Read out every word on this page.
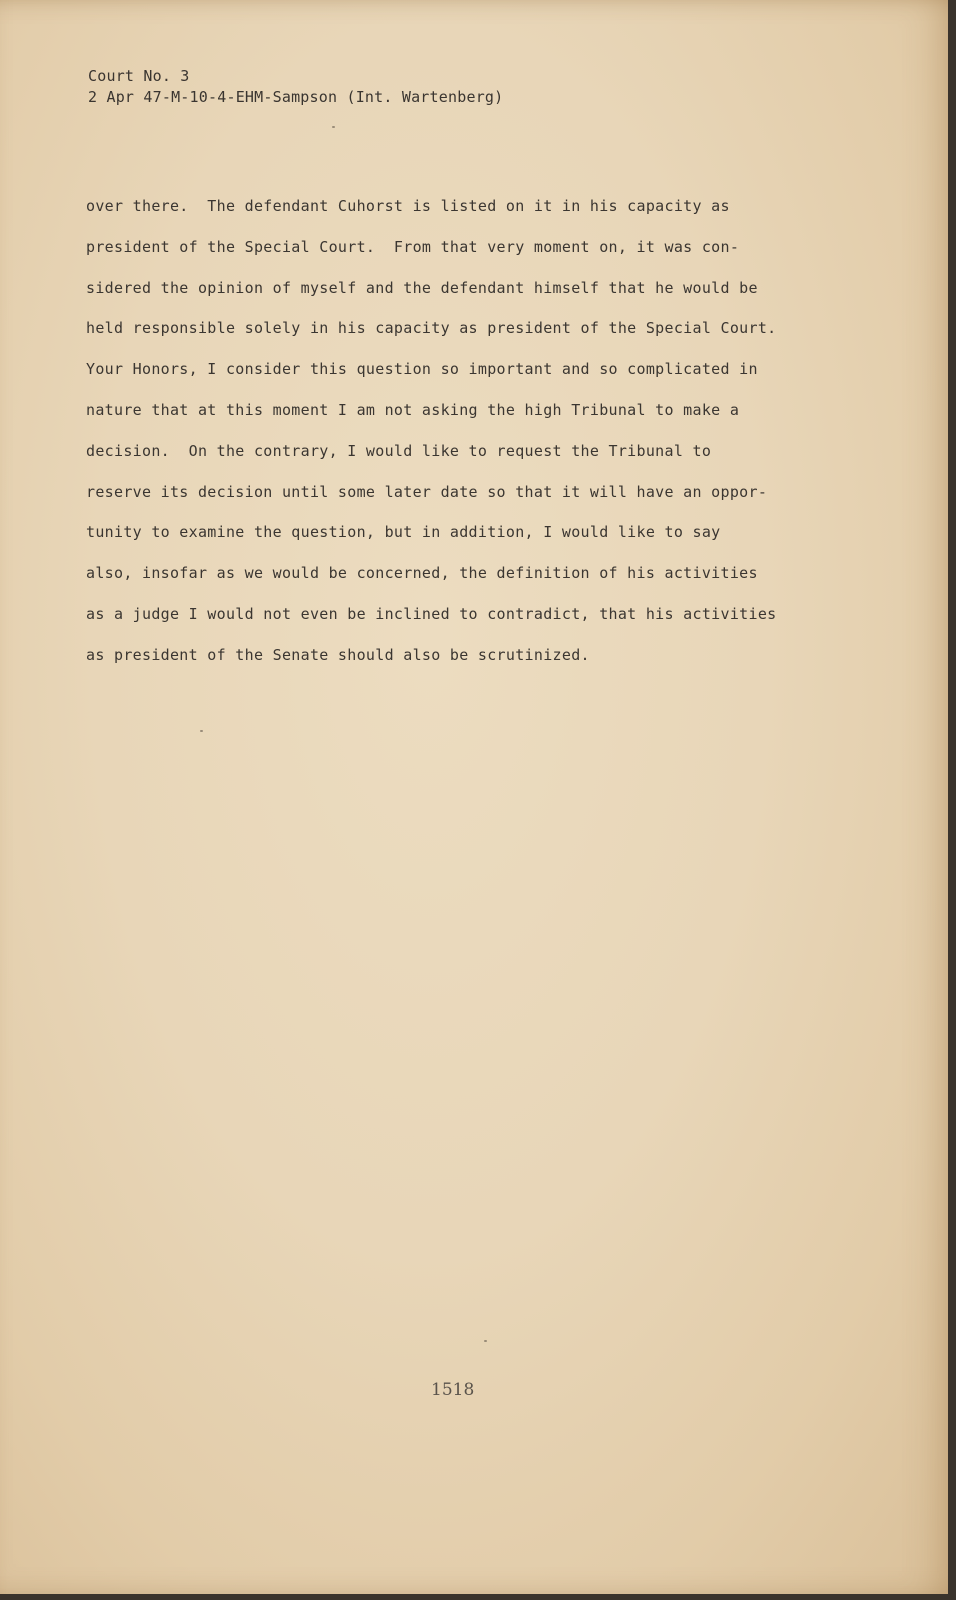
Court No. 3
2 Apr 47-M-10-4-EHM-Sampson (Int. Wartenberg)
over there.  The defendant Cuhorst is listed on it in his capacity as
president of the Special Court.  From that very moment on, it was con-
sidered the opinion of myself and the defendant himself that he would be
held responsible solely in his capacity as president of the Special Court.
Your Honors, I consider this question so important and so complicated in
nature that at this moment I am not asking the high Tribunal to make a
decision.  On the contrary, I would like to request the Tribunal to
reserve its decision until some later date so that it will have an oppor-
tunity to examine the question, but in addition, I would like to say
also, insofar as we would be concerned, the definition of his activities
as a judge I would not even be inclined to contradict, that his activities
as president of the Senate should also be scrutinized.
1518
